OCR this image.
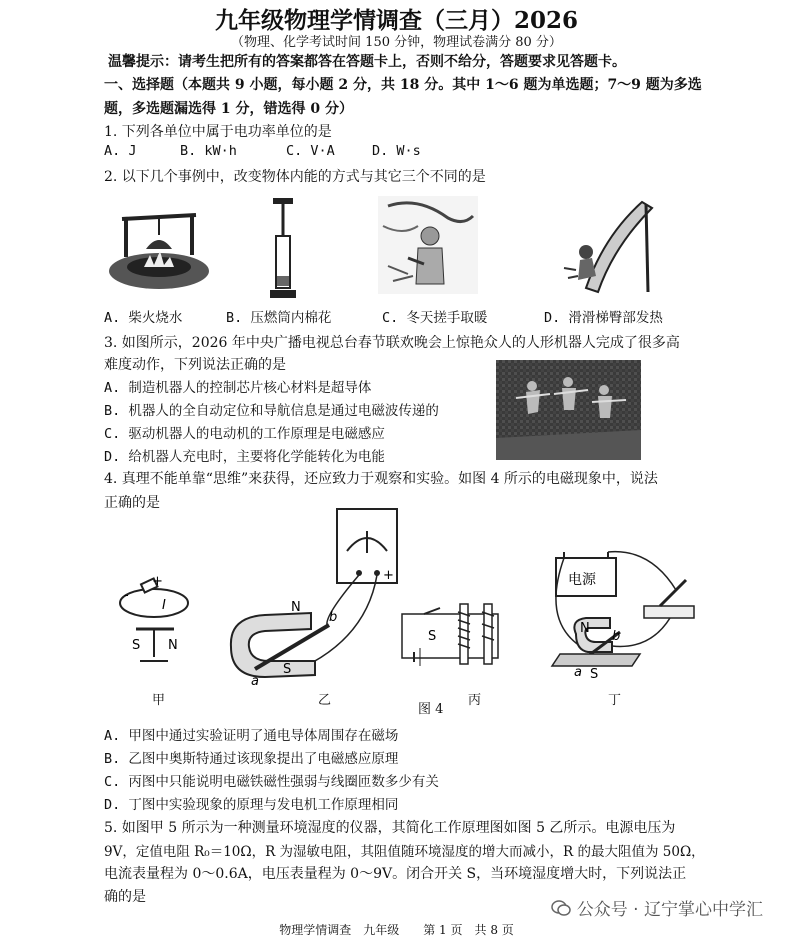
九年级物理学情调查（三月）2026
（物理、化学考试时间 150 分钟，物理试卷满分 80 分）
温馨提示：请考生把所有的答案都答在答题卡上，否则不给分，答题要求见答题卡。
一、选择题（本题共 9 小题，每小题 2 分，共 18 分。其中 1～6 题为单选题；7～9 题为多选
题，多选题漏选得 1 分，错选得 0 分）
1. 下列各单位中属于电功率单位的是
A. J	B. kW·h	C. V·A	D. W·s
2. 以下几个事例中，改变物体内能的方式与其它三个不同的是
A. 柴火烧水	B. 压燃筒内棉花	C. 冬天搓手取暖	D. 滑滑梯臀部发热
3. 如图所示，2026 年中央广播电视总台春节联欢晚会上惊艳众人的人形机器人完成了很多高
难度动作，下列说法正确的是
A. 制造机器人的控制芯片核心材料是超导体
B. 机器人的全自动定位和导航信息是通过电磁波传递的
C. 驱动机器人的电动机的工作原理是电磁感应
D. 给机器人充电时，主要将化学能转化为电能
4. 真理不能单靠“思维”来获得，还应致力于观察和实验。如图 4 所示的电磁现象中，说法
正确的是
+
-
I
S N
+
N
S
a
b
S
电源
N
a
b
S
甲	乙
图 4
丙	丁
A. 甲图中通过实验证明了通电导体周围存在磁场
B. 乙图中奥斯特通过该现象提出了电磁感应原理
C. 丙图中只能说明电磁铁磁性强弱与线圈匝数多少有关
D. 丁图中实验现象的原理与发电机工作原理相同
5. 如图甲 5 所示为一种测量环境湿度的仪器，其简化工作原理图如图 5 乙所示。电源电压为
9V，定值电阻 R₀＝10Ω，R 为湿敏电阻，其阻值随环境湿度的增大而减小，R 的最大阻值为 50Ω，
电流表量程为 0～0.6A，电压表量程为 0～9V。闭合开关 S，当环境湿度增大时，下列说法正
确的是
公众号 · 辽宁掌心中学汇
物理学情调查　九年级　　第 1 页　共 8 页
